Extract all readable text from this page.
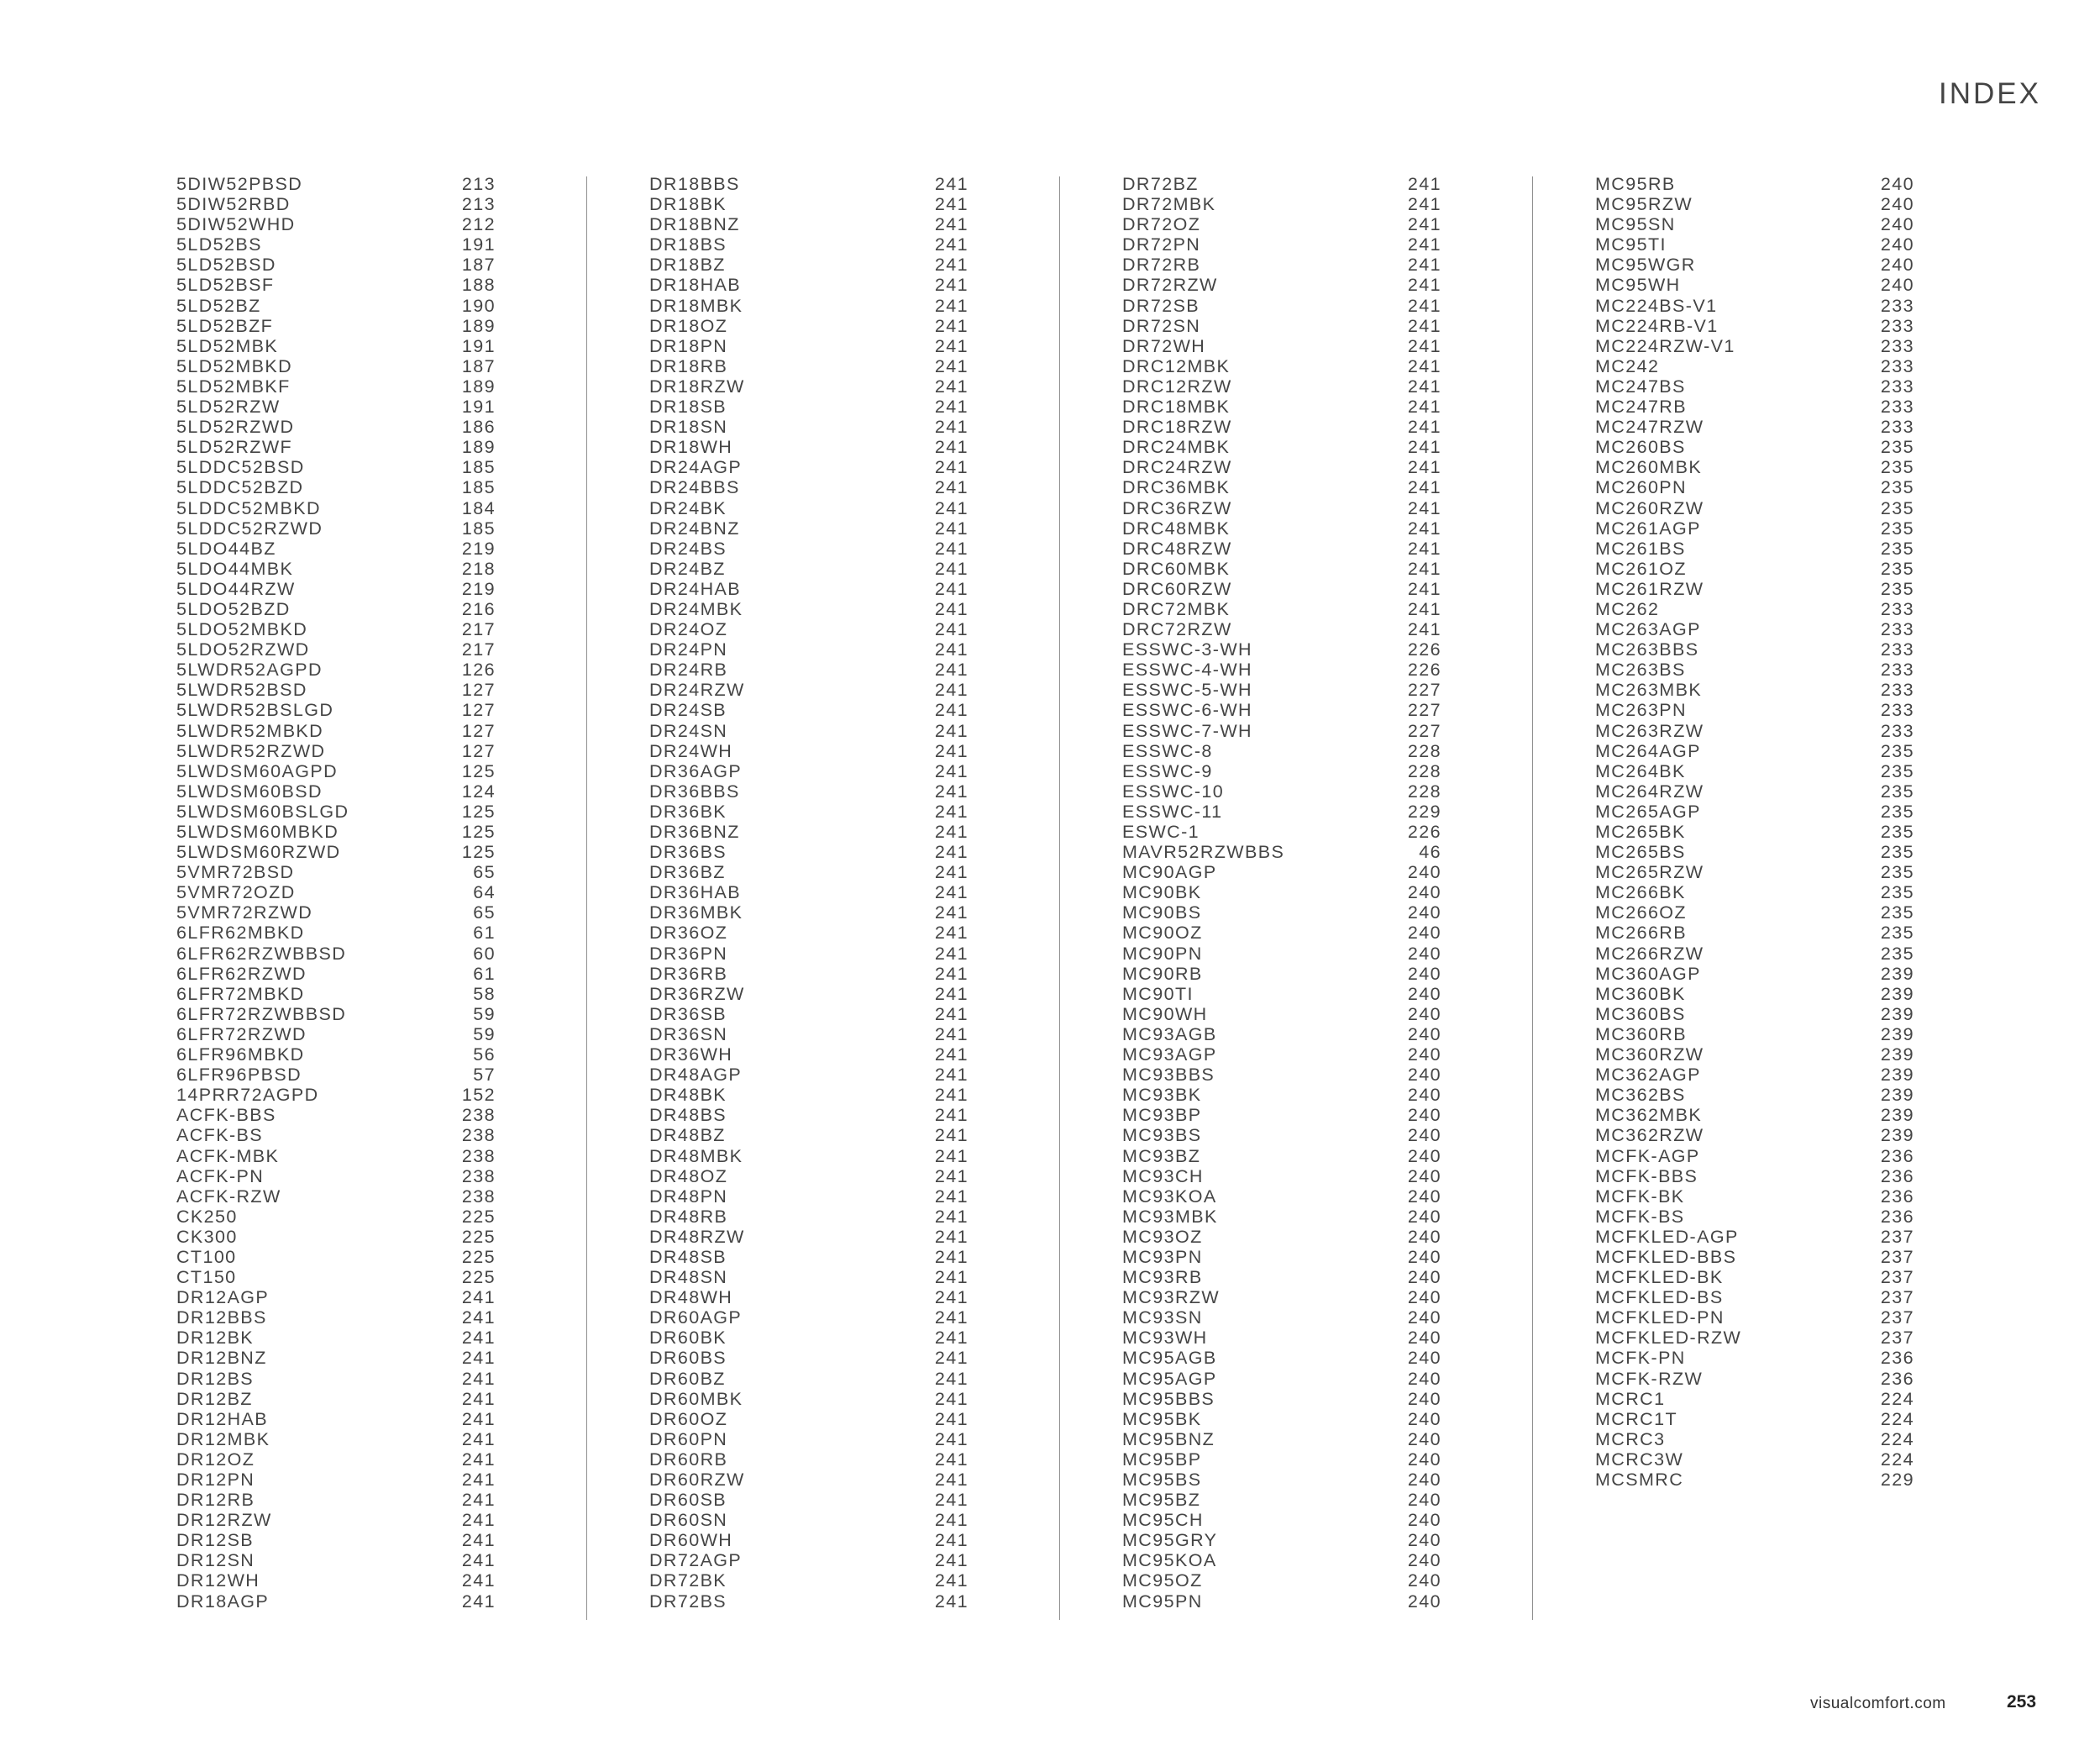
INDEX
5DIW52PBSD	213
5DIW52RBD	213
5DIW52WHD	212
5LD52BS	191
5LD52BSD	187
5LD52BSF	188
5LD52BZ	190
5LD52BZF	189
5LD52MBK	191
5LD52MBKD	187
5LD52MBKF	189
5LD52RZW	191
5LD52RZWD	186
5LD52RZWF	189
5LDDC52BSD	185
5LDDC52BZD	185
5LDDC52MBKD	184
5LDDC52RZWD	185
5LDO44BZ	219
5LDO44MBK	218
5LDO44RZW	219
5LDO52BZD	216
5LDO52MBKD	217
5LDO52RZWD	217
5LWDR52AGPD	126
5LWDR52BSD	127
5LWDR52BSLGD	127
5LWDR52MBKD	127
5LWDR52RZWD	127
5LWDSM60AGPD	125
5LWDSM60BSD	124
5LWDSM60BSLGD	125
5LWDSM60MBKD	125
5LWDSM60RZWD	125
5VMR72BSD	65
5VMR72OZD	64
5VMR72RZWD	65
6LFR62MBKD	61
6LFR62RZWBBSD	60
6LFR62RZWD	61
6LFR72MBKD	58
6LFR72RZWBBSD	59
6LFR72RZWD	59
6LFR96MBKD	56
6LFR96PBSD	57
14PRR72AGPD	152
ACFK-BBS	238
ACFK-BS	238
ACFK-MBK	238
ACFK-PN	238
ACFK-RZW	238
CK250	225
CK300	225
CT100	225
CT150	225
DR12AGP	241
DR12BBS	241
DR12BK	241
DR12BNZ	241
DR12BS	241
DR12BZ	241
DR12HAB	241
DR12MBK	241
DR12OZ	241
DR12PN	241
DR12RB	241
DR12RZW	241
DR12SB	241
DR12SN	241
DR12WH	241
DR18AGP	241
DR18BBS	241
DR18BK	241
DR18BNZ	241
DR18BS	241
DR18BZ	241
DR18HAB	241
DR18MBK	241
DR18OZ	241
DR18PN	241
DR18RB	241
DR18RZW	241
DR18SB	241
DR18SN	241
DR18WH	241
DR24AGP	241
DR24BBS	241
DR24BK	241
DR24BNZ	241
DR24BS	241
DR24BZ	241
DR24HAB	241
DR24MBK	241
DR24OZ	241
DR24PN	241
DR24RB	241
DR24RZW	241
DR24SB	241
DR24SN	241
DR24WH	241
DR36AGP	241
DR36BBS	241
DR36BK	241
DR36BNZ	241
DR36BS	241
DR36BZ	241
DR36HAB	241
DR36MBK	241
DR36OZ	241
DR36PN	241
DR36RB	241
DR36RZW	241
DR36SB	241
DR36SN	241
DR36WH	241
DR48AGP	241
DR48BK	241
DR48BS	241
DR48BZ	241
DR48MBK	241
DR48OZ	241
DR48PN	241
DR48RB	241
DR48RZW	241
DR48SB	241
DR48SN	241
DR48WH	241
DR60AGP	241
DR60BK	241
DR60BS	241
DR60BZ	241
DR60MBK	241
DR60OZ	241
DR60PN	241
DR60RB	241
DR60RZW	241
DR60SB	241
DR60SN	241
DR60WH	241
DR72AGP	241
DR72BK	241
DR72BS	241
DR72BZ	241
DR72MBK	241
DR72OZ	241
DR72PN	241
DR72RB	241
DR72RZW	241
DR72SB	241
DR72SN	241
DR72WH	241
DRC12MBK	241
DRC12RZW	241
DRC18MBK	241
DRC18RZW	241
DRC24MBK	241
DRC24RZW	241
DRC36MBK	241
DRC36RZW	241
DRC48MBK	241
DRC48RZW	241
DRC60MBK	241
DRC60RZW	241
DRC72MBK	241
DRC72RZW	241
ESSWC-3-WH	226
ESSWC-4-WH	226
ESSWC-5-WH	227
ESSWC-6-WH	227
ESSWC-7-WH	227
ESSWC-8	228
ESSWC-9	228
ESSWC-10	228
ESSWC-11	229
ESWC-1	226
MAVR52RZWBBS	46
MC90AGP	240
MC90BK	240
MC90BS	240
MC90OZ	240
MC90PN	240
MC90RB	240
MC90TI	240
MC90WH	240
MC93AGB	240
MC93AGP	240
MC93BBS	240
MC93BK	240
MC93BP	240
MC93BS	240
MC93BZ	240
MC93CH	240
MC93KOA	240
MC93MBK	240
MC93OZ	240
MC93PN	240
MC93RB	240
MC93RZW	240
MC93SN	240
MC93WH	240
MC95AGB	240
MC95AGP	240
MC95BBS	240
MC95BK	240
MC95BNZ	240
MC95BP	240
MC95BS	240
MC95BZ	240
MC95CH	240
MC95GRY	240
MC95KOA	240
MC95OZ	240
MC95PN	240
MC95RB	240
MC95RZW	240
MC95SN	240
MC95TI	240
MC95WGR	240
MC95WH	240
MC224BS-V1	233
MC224RB-V1	233
MC224RZW-V1	233
MC242	233
MC247BS	233
MC247RB	233
MC247RZW	233
MC260BS	235
MC260MBK	235
MC260PN	235
MC260RZW	235
MC261AGP	235
MC261BS	235
MC261OZ	235
MC261RZW	235
MC262	233
MC263AGP	233
MC263BBS	233
MC263BS	233
MC263MBK	233
MC263PN	233
MC263RZW	233
MC264AGP	235
MC264BK	235
MC264RZW	235
MC265AGP	235
MC265BK	235
MC265BS	235
MC265RZW	235
MC266BK	235
MC266OZ	235
MC266RB	235
MC266RZW	235
MC360AGP	239
MC360BK	239
MC360BS	239
MC360RB	239
MC360RZW	239
MC362AGP	239
MC362BS	239
MC362MBK	239
MC362RZW	239
MCFK-AGP	236
MCFK-BBS	236
MCFK-BK	236
MCFK-BS	236
MCFKLED-AGP	237
MCFKLED-BBS	237
MCFKLED-BK	237
MCFKLED-BS	237
MCFKLED-PN	237
MCFKLED-RZW	237
MCFK-PN	236
MCFK-RZW	236
MCRC1	224
MCRC1T	224
MCRC3	224
MCRC3W	224
MCSMRC	229
visualcomfort.com	253
